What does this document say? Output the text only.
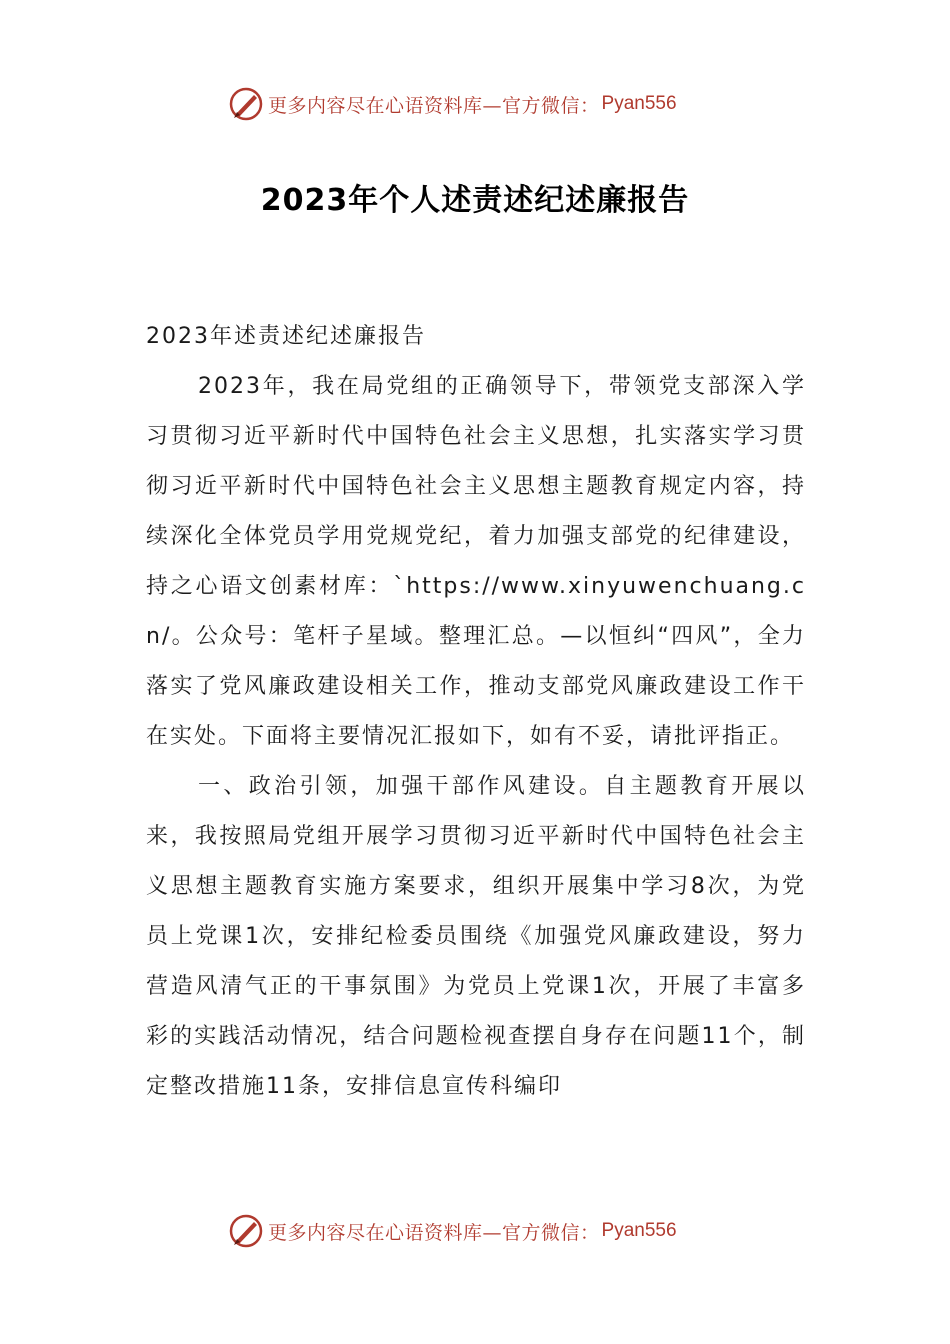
更多内容尽在心语资料库—官方微信： Pyan556
2023年个人述责述纪述廉报告

2023年述责述纪述廉报告

2023年，我在局党组的正确领导下，带领党支部深入学习贯彻习近平新时代中国特色社会主义思想，扎实落实学习贯彻习近平新时代中国特色社会主义思想主题教育规定内容，持续深化全体党员学用党规党纪，着力加强支部党的纪律建设，持之心语文创素材库：`https://www.xinyuwenchuang.cn/。公众号：笔杆子星域。整理汇总。—以恒纠“四风”，全力落实了党风廉政建设相关工作，推动支部党风廉政建设工作干在实处。下面将主要情况汇报如下，如有不妥，请批评指正。

一、政治引领，加强干部作风建设。自主题教育开展以来，我按照局党组开展学习贯彻习近平新时代中国特色社会主义思想主题教育实施方案要求，组织开展集中学习8次，为党员上党课1次，安排纪检委员围绕《加强党风廉政建设，努力营造风清气正的干事氛围》为党员上党课1次，开展了丰富多彩的实践活动情况，结合问题检视查摆自身存在问题11个，制定整改措施11条，安排信息宣传科编印

更多内容尽在心语资料库—官方微信： Pyan556
